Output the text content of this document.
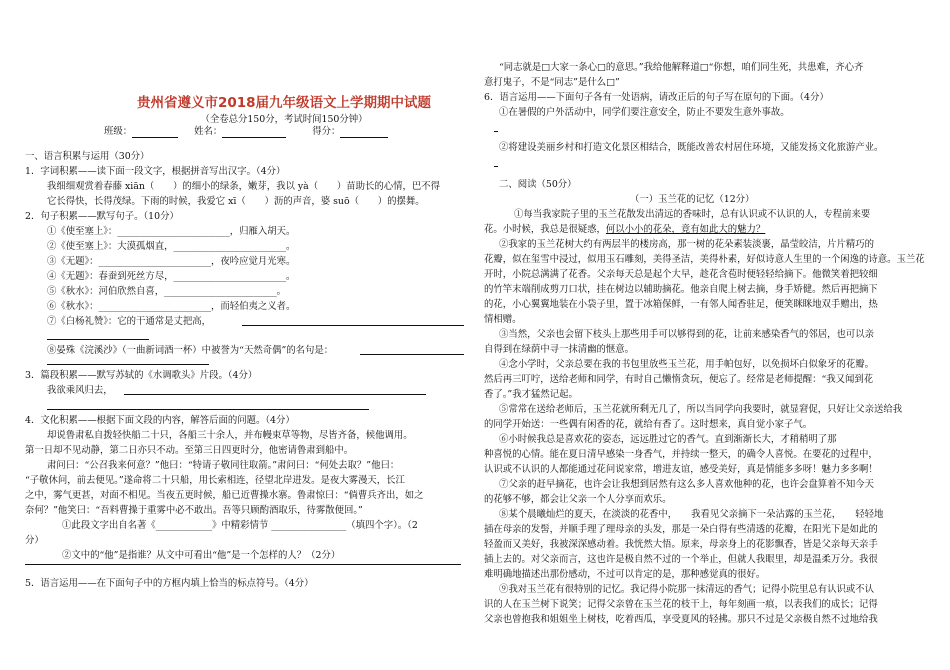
贵州省遵义市2018届九年级语文上学期期中试题
（全卷总分150分，考试时间150分钟）
班级：	姓名：	得分：
一、语言积累与运用（30分）
1．字词积累——读下面一段文字，根据拼音写出汉字。（4分）
我细细观赏着春藤 xiān（　　）的细小的绿条，嫩芽，我以 yà（　　）苗助长的心情，巴不得
它长得快，长得茂绿。下雨的时候，我爱它 xī（　　）沥的声音，婆 suō（　　）的摆舞。
2．句子积累——默写句子。（10分）
①《使至塞上》：________________________，归雁入胡天。
②《使至塞上》：大漠孤烟直，________________________。
③《无题》：________________________，夜吟应觉月光寒。
④《无题》：春蚕到死丝方尽，________________________。
⑤《秋水》：河伯欣然自喜，________________________。
⑥《秋水》：________________________，而轻伯夷之义者。
⑦《白杨礼赞》：它的干通常是丈把高，
⑧晏殊《浣溪沙》（一曲新词酒一杯）中被誉为“天然奇偶”的名句是：
3．篇段积累——默写苏轼的《水调歌头》片段。（4分）
我欲乘风归去，
4．文化积累——根据下面文段的内容，解答后面的问题。（4分）
却说鲁肃私自拨轻快船二十只，各船三十余人，并布幔束草等物，尽皆齐备，候他调用。
第一日却不见动静，第二日亦只不动。至第三日四更时分，他密请鲁肃到船中。
肃问曰：“公召我来何意？”他曰：“特请子敬同往取箭。”肃问曰：“何处去取？”他曰：
“子敬休问，前去便见。”遂命将二十只船，用长索相连，径望北岸进发。是夜大雾漫天，长江
之中，雾气更甚，对面不相见。当夜五更时候，船已近曹操水寨。鲁肃惊曰：“倘曹兵齐出，如之
奈何？”他笑曰：“吾料曹操于重雾中必不敢出。吾等只顾酌酒取乐，待雾散便回。”
①此段文字出自名著《____________》中精彩情节 ________________（填四个字）。（2
分）
②文中的“他”是指谁？从文中可看出“他”是一个怎样的人？（2分）
5．语言运用——在下面句子中的方框内填上恰当的标点符号。（4分）
“同志就是□大家一条心□的意思。”我给他解释道□“你想，咱们同生死，共患难，齐心齐
意打鬼子，不是“同志”是什么□”
6．语言运用——下面句子各有一处语病，请改正后的句子写在原句的下面。（4分）
①在暑假的户外活动中，同学们要注意安全，防止不要发生意外事故。
②将建设美丽乡村和打造文化景区相结合，既能改善农村居住环境，又能发扬文化旅游产业。
二、阅读（50分）
（一）玉兰花的记忆（12分）
①每当我家院子里的玉兰花散发出清远的香味时，总有认识或不认识的人，专程前来要
花。小时候，我总是很疑惑，何以小小的花朵，竟有如此大的魅力？
②我家的玉兰花树大约有两层半的楼房高，那一树的花朵素装淡裹，晶莹皎洁，片片精巧的
花瓣，似在玺雪中浸过，似用玉石雕刻，美得圣洁，美得朴素，好似诗意人生里的一个闲逸的诗意。玉兰花
开时，小院总满满了花香。父亲每天总是起个大早，趁花含苞时便轻轻给摘下。他微笑着把较细
的竹竿末端削成剪刀口状，挂在树边以辅助摘花。他亲自爬上树去摘，身手矫健。然后再把摘下
的花，小心翼翼地装在小袋子里，置于冰箱保鲜，一有邻人闻香驻足，便笑眯眯地双手赠出，热
情相赠。
③当然，父亲也会留下枝头上那些用手可以够得到的花，让前来感染香气的邻居，也可以亲
自得到在绿荫中寻一抹清幽的惬意。
④念小学时，父亲总要在我的书包里放些玉兰花，用手帕包好，以免损坏白似象牙的花瓣。
然后再三叮咛，送给老师和同学，有时自己懒惰贪玩，便忘了。经常是老师提醒：“我又闻到花
香了。”我才猛然记起。
⑤常常在送给老师后，玉兰花就所剩无几了，所以当同学向我要时，就显窘促，只好让父亲送给我
的同学开始送：一些偶有闲香的花，就给有香了。这时想来，真自觉小家子气。
⑥小时候我总是喜欢花的姿态，远远胜过它的香气。直到渐渐长大，才稍稍明了那
种喜悦的心情。能在夏日清早感染一身香气，并持续一整天，的确令人喜悦。在要花的过程中，
认识或不认识的人都能通过花问说家常，增进友谊，感受美好，真是情能多多呀！魅力多多啊！
⑦父亲的赶早摘花，也许会让我想到居然有这么多人喜欢他种的花，也许会盘算着不知今天
的花够不够，都会让父亲一个人分享而欢乐。
⑧某个晨曦灿烂的夏天，在淡淡的花香中，　　我看见父亲摘下一朵沾露的玉兰花，　　轻轻地
插在母亲的发髻，并顺手理了理母亲的头发，那是一朵白得有些清透的花瓣，在阳光下是如此的
轻盈而又美好，我被深深感动着。我恍然大悟。原来，母亲身上的花影飘香，皆是父亲每天亲手
插上去的。对父亲而言，这也许是极自然不过的一个举止，但就人我眼里，却是温柔万分。我很
难明确地描述出那份感动，不过可以肯定的是，那种感觉真的很好。
⑨我对玉兰花有很特别的记忆。我记得小院那一抹清远的香气；记得小院里总有认识或不认
识的人在玉兰树下说笑；记得父亲曾在玉兰花的枝干上，每年刻画一痕，以表我们的成长；记得
父亲也曾抱我和姐姐坐上树枝，吃着西瓜，享受夏风的轻拂。那只不过是父亲极自然不过地给我
